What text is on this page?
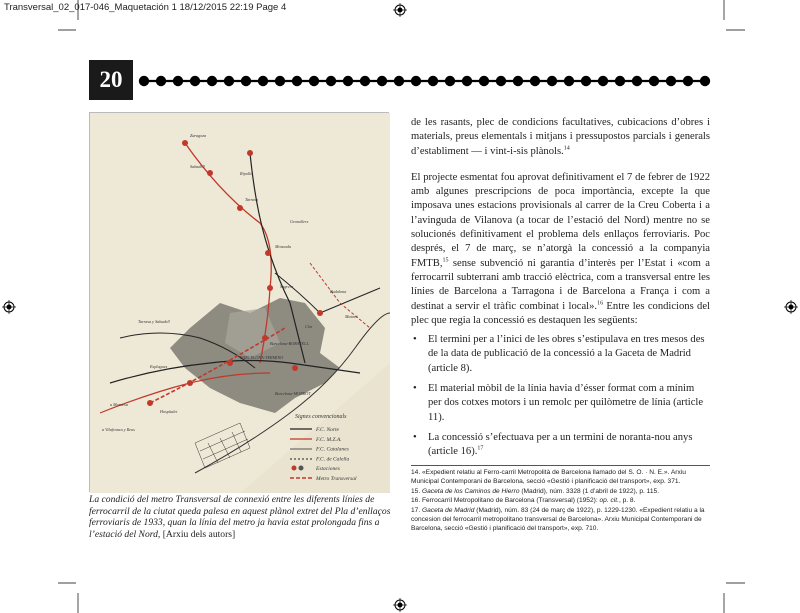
Transversal_02_017-046_Maquetación 1 18/12/2015 22:19 Page 4
20
Signes convencionals
F.C. Norte
F.C. M.Z.A.
F.C. Catalanes
F.C. de Calella
Estaciones
Metro Transversal
Zaragoza
Sabadell
Tarrasa
Ripollet
Moncada
Badalona
Tarrasa y Sabadell
Esplugues
Hospitalet
BARCELONA-TERMINO
Barcelona-MORROT
a Manresa
a Vilafranca y Reus
Granollers
Mataró
Sagrera
Clot
Barcelona-BORATELL
La condició del metro Transversal de connexió entre les diferents línies de ferrocarril de la ciutat queda palesa en aquest plànol extret del Pla d’enllaços ferroviaris de 1933, quan la línia del metro ja havia estat prolongada fins a l’estació del Nord, [Arxiu dels autors]

de les rasants, plec de condicions facultatives, cubicacions d’obres i materials, preus elementals i mitjans i pressupostos parcials i generals d’establiment — i vint-i-sis plànols.$^{14}$

El projecte esmentat fou aprovat definitivament el 7 de febrer de 1922 amb algunes prescripcions de poca importància, excepte la que imposava unes estacions provisionals al carrer de la Creu Coberta i a l’avinguda de Vilanova (a tocar de l’estació del Nord) mentre no se solucionés definitivament el problema dels enllaços ferroviaris. Poc després, el 7 de març, se n’atorgà la concessió a la companyia FMTB,$^{15}$ sense subvenció ni garantia d’interès per l’Estat i «com a ferrocarril subterrani amb tracció elèctrica, com a transversal entre les línies de Barcelona a Tarragona i de Barcelona a França i com a destinat a servir el tràfic combinat i local».$^{16}$ Entre les condicions del plec que regia la concessió es destaquen les següents:

• El termini per a l’inici de les obres s’estipulava en tres mesos des de la data de publicació de la concessió a la Gaceta de Madrid (article 8).
• El material mòbil de la línia havia d’ésser format com a mínim per dos cotxes motors i un remolc per quilòmetre de línia (article 11).
• La concessió s’efectuava per a un termini de noranta-nou anys (article 16).$^{17}$
14. «Expedient relatiu al Ferro-carril Metropolità de Barcelona llamado del S. O. · N. E.». Arxiu Municipal Contemporani de Barcelona, secció «Gestió i planificació del transport», exp. 371.
15. Gaceta de los Caminos de Hierro (Madrid), núm. 3328 (1 d’abril de 1922), p. 115.
16. Ferrocarril Metropolitano de Barcelona (Transversal) (1952): op. cit., p. 8.
17. Gaceta de Madrid (Madrid), núm. 83 (24 de març de 1922), p. 1229-1230. «Expedient relatiu a la concesion del ferrocarril metropolitano transversal de Barcelona». Arxiu Municipal Contemporani de Barcelona, secció «Gestió i planificació del transport», exp. 710.
